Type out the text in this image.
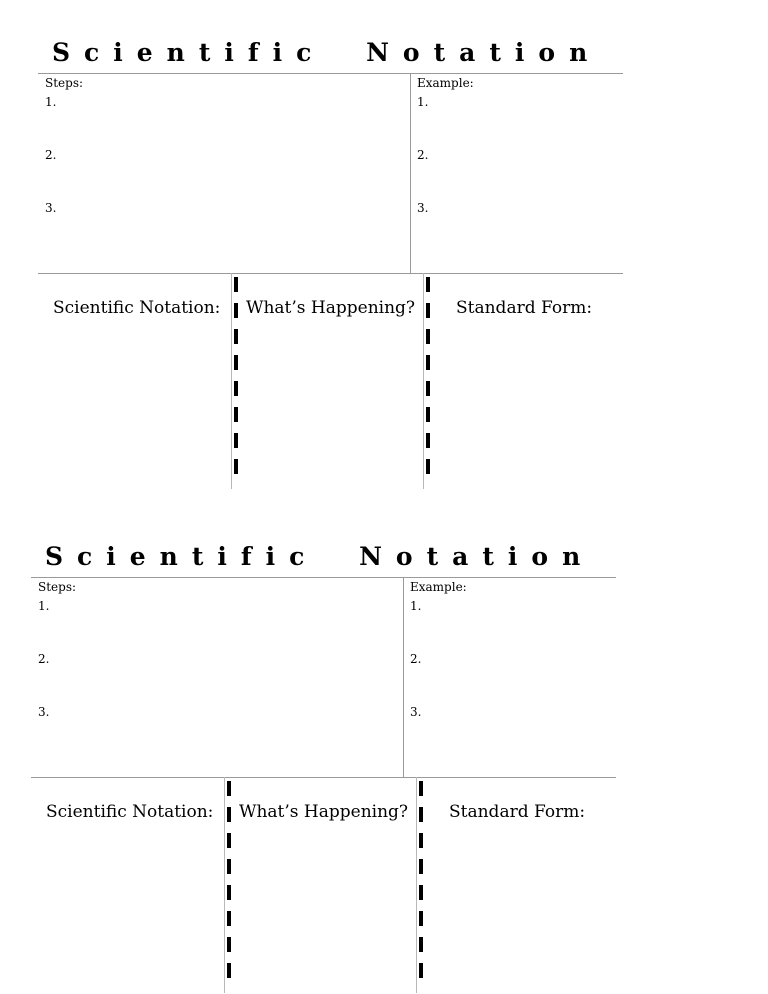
Scientific Notation

Steps:

1.
2.
3.

Example:

1.
2.
3.
Scientific Notation: What’s Happening? Standard Form:
Scientific Notation

Steps:

1.
2.
3.

Example:

1.
2.
3.
Scientific Notation: What’s Happening? Standard Form:
